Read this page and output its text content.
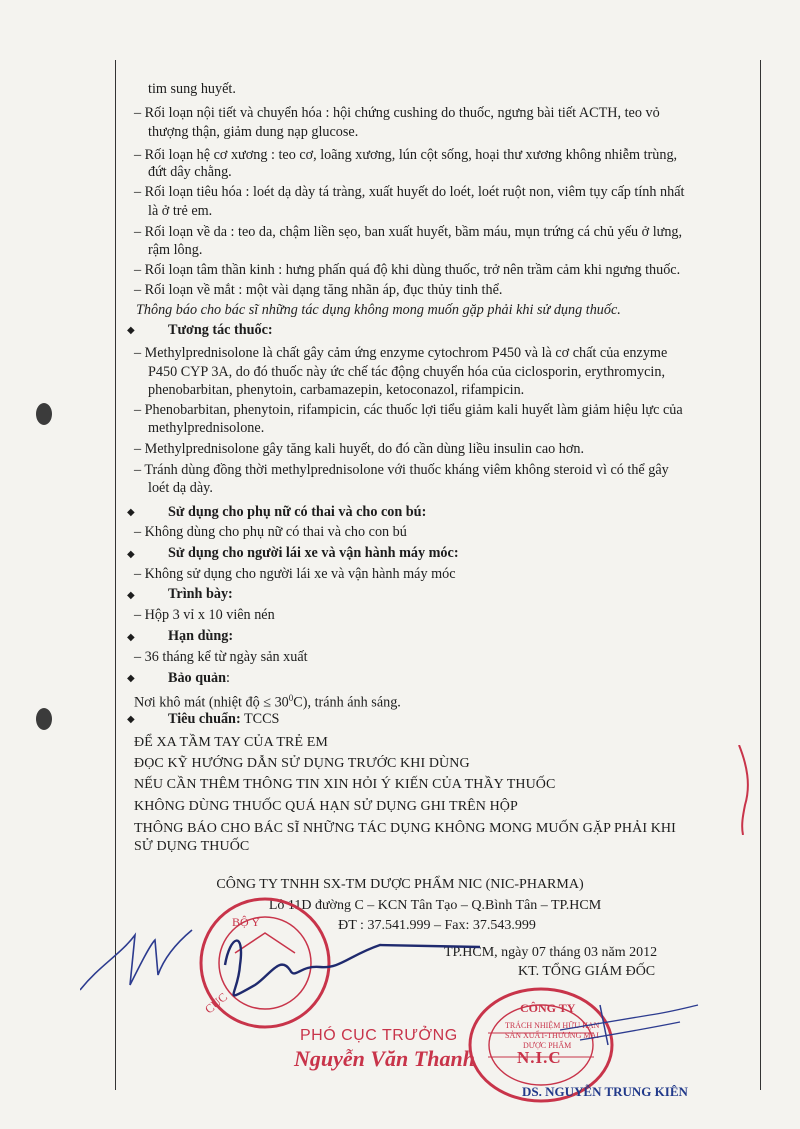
tim sung huyết.
– Rối loạn nội tiết và chuyển hóa : hội chứng cushing do thuốc, ngưng bài tiết ACTH, teo vỏ
thượng thận, giảm dung nạp glucose.
– Rối loạn hệ cơ xương : teo cơ, loãng xương, lún cột sống, hoại thư xương không nhiễm trùng,
đứt dây chằng.
– Rối loạn tiêu hóa : loét dạ dày tá tràng, xuất huyết do loét, loét ruột non, viêm tụy cấp tính nhất
là ở trẻ em.
– Rối loạn về da : teo da, chậm liền sẹo, ban xuất huyết, bầm máu, mụn trứng cá chủ yếu ở lưng,
rậm lông.
– Rối loạn tâm thần kinh : hưng phấn quá độ khi dùng thuốc, trở nên trầm cảm khi ngưng thuốc.
– Rối loạn về mắt : một vài dạng tăng nhãn áp, đục thủy tinh thể.
Thông báo cho bác sĩ những tác dụng không mong muốn gặp phải khi sử dụng thuốc.
◆ Tương tác thuốc:
– Methylprednisolone là chất gây cảm ứng enzyme cytochrom P450 và là cơ chất của enzyme
P450 CYP 3A, do đó thuốc này ức chế tác động chuyển hóa của ciclosporin, erythromycin,
phenobarbitan, phenytoin, carbamazepin, ketoconazol, rifampicin.
– Phenobarbitan, phenytoin, rifampicin, các thuốc lợi tiểu giảm kali huyết làm giảm hiệu lực của
methylprednisolone.
– Methylprednisolone gây tăng kali huyết, do đó cần dùng liều insulin cao hơn.
– Tránh dùng đồng thời methylprednisolone với thuốc kháng viêm không steroid vì có thể gây
loét dạ dày.
◆ Sử dụng cho phụ nữ có thai và cho con bú:
– Không dùng cho phụ nữ có thai và cho con bú
◆ Sử dụng cho người lái xe và vận hành máy móc:
– Không sử dụng cho người lái xe và vận hành máy móc
◆ Trình bày:
– Hộp 3 vỉ x 10 viên nén
◆ Hạn dùng:
– 36 tháng kể từ ngày sản xuất
◆ Bảo quản:
Nơi khô mát (nhiệt độ ≤ $30^0C$), tránh ánh sáng.
◆ Tiêu chuẩn: TCCS
ĐỂ XA TẦM TAY CỦA TRẺ EM
ĐỌC KỸ HƯỚNG DẪN SỬ DỤNG TRƯỚC KHI DÙNG
NẾU CẦN THÊM THÔNG TIN XIN HỎI Ý KIẾN CỦA THẦY THUỐC
KHÔNG DÙNG THUỐC QUÁ HẠN SỬ DỤNG GHI TRÊN HỘP
THÔNG BÁO CHO BÁC SĨ NHỮNG TÁC DỤNG KHÔNG MONG MUỐN GẶP PHẢI KHI
SỬ DỤNG THUỐC
CÔNG TY TNHH SX-TM DƯỢC PHẨM NIC (NIC-PHARMA)
Lô 11D đường C – KCN Tân Tạo – Q.Bình Tân – TP.HCM
ĐT : 37.541.999 – Fax: 37.543.999
TP.HCM, ngày 07 tháng 03 năm 2012
KT. TỔNG GIÁM ĐỐC
CỤC
BỘ Y
PHÓ CỤC TRƯỞNG
Nguyễn Văn Thanh
CÔNG TY
TRÁCH NHIỆM HỮU HẠN
SẢN XUẤT-THƯƠNG MẠI
DƯỢC PHẨM
N.I.C
DS. NGUYỄN TRUNG KIÊN
